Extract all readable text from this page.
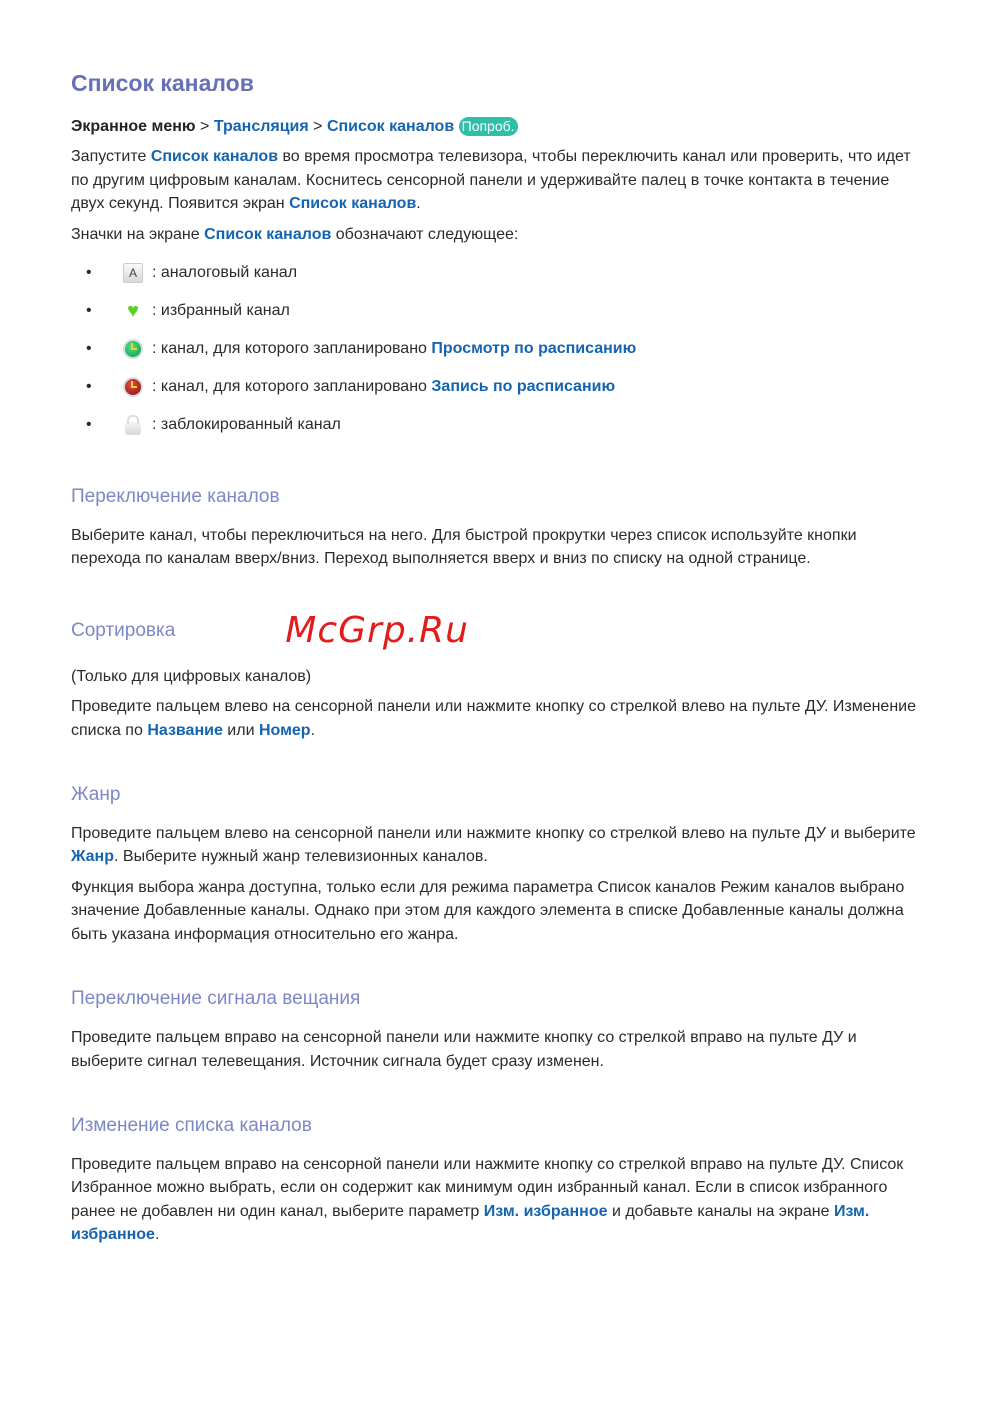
Список каналов
Экранное меню > Трансляция > Список каналов Попроб.
Запустите Список каналов во время просмотра телевизора, чтобы переключить канал или проверить, что идет по другим цифровым каналам. Коснитесь сенсорной панели и удерживайте палец в точке контакта в течение двух секунд. Появится экран Список каналов.
Значки на экране Список каналов обозначают следующее:
•	A : аналоговый канал
•	♥ : избранный канал
•	: канал, для которого запланировано Просмотр по расписанию
•	: канал, для которого запланировано Запись по расписанию
•	: заблокированный канал
Переключение каналов
Выберите канал, чтобы переключиться на него. Для быстрой прокрутки через список используйте кнопки перехода по каналам вверх/вниз. Переход выполняется вверх и вниз по списку на одной странице.
Сортировка	McGrp.Ru
(Только для цифровых каналов)
Проведите пальцем влево на сенсорной панели или нажмите кнопку со стрелкой влево на пульте ДУ. Изменение списка по Название или Номер.
Жанр
Проведите пальцем влево на сенсорной панели или нажмите кнопку со стрелкой влево на пульте ДУ и выберите Жанр. Выберите нужный жанр телевизионных каналов.
Функция выбора жанра доступна, только если для режима параметра Список каналов Режим каналов выбрано значение Добавленные каналы. Однако при этом для каждого элемента в списке Добавленные каналы должна быть указана информация относительно его жанра.
Переключение сигнала вещания
Проведите пальцем вправо на сенсорной панели или нажмите кнопку со стрелкой вправо на пульте ДУ и выберите сигнал телевещания. Источник сигнала будет сразу изменен.
Изменение списка каналов
Проведите пальцем вправо на сенсорной панели или нажмите кнопку со стрелкой вправо на пульте ДУ. Список Избранное можно выбрать, если он содержит как минимум один избранный канал. Если в список избранного ранее не добавлен ни один канал, выберите параметр Изм. избранное и добавьте каналы на экране Изм. избранное.
